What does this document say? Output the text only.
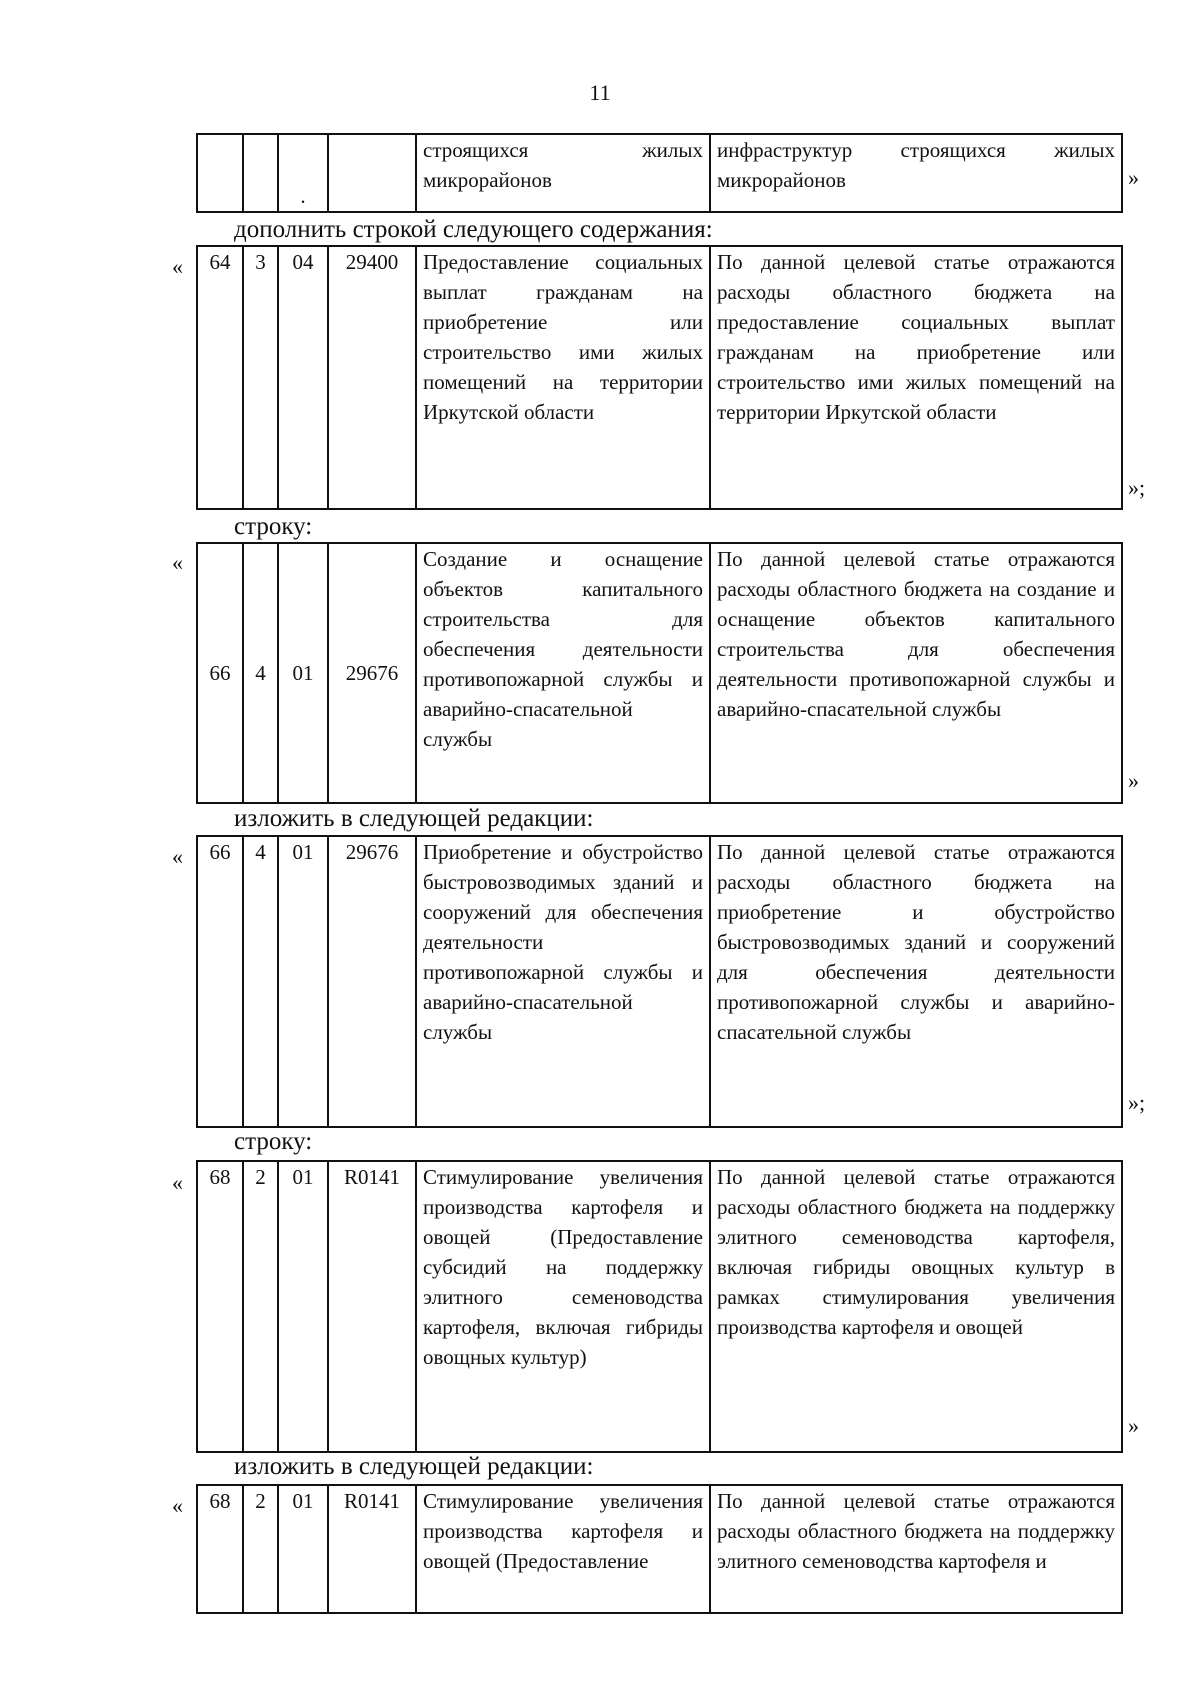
11
		.		строящихся жилых микрорайонов	инфраструктур строящихся жилых микрорайонов	»
дополнить строкой следующего содержания:
« 64	3	04	29400	Предоставление социальных выплат гражданам на приобретение или строительство ими жилых помещений на территории Иркутской области	По данной целевой статье отражаются расходы областного бюджета на предоставление социальных выплат гражданам на приобретение или строительство ими жилых помещений на территории Иркутской области
»;
строку:
«
66	4	01	29676	Создание и оснащение объектов капитального строительства для обеспечения деятельности противопожарной службы и аварийно-спасательной службы	По данной целевой статье отражаются расходы областного бюджета на создание и оснащение объектов капитального строительства для обеспечения деятельности противопожарной службы и аварийно-спасательной службы
»
изложить в следующей редакции:
« 66	4	01	29676	Приобретение и обустройство быстровозводимых зданий и сооружений для обеспечения деятельности противопожарной службы и аварийно-спасательной службы	По данной целевой статье отражаются расходы областного бюджета на приобретение и обустройство быстровозводимых зданий и сооружений для обеспечения деятельности противопожарной службы и аварийно-спасательной службы
»;
строку:
« 68	2	01	R0141	Стимулирование увеличения производства картофеля и овощей (Предоставление субсидий на поддержку элитного семеноводства картофеля, включая гибриды овощных культур)	По данной целевой статье отражаются расходы областного бюджета на поддержку элитного семеноводства картофеля, включая гибриды овощных культур в рамках стимулирования увеличения производства картофеля и овощей
»
изложить в следующей редакции:
« 68	2	01	R0141	Стимулирование увеличения производства картофеля и овощей (Предоставление	По данной целевой статье отражаются расходы областного бюджета на поддержку элитного семеноводства картофеля и
